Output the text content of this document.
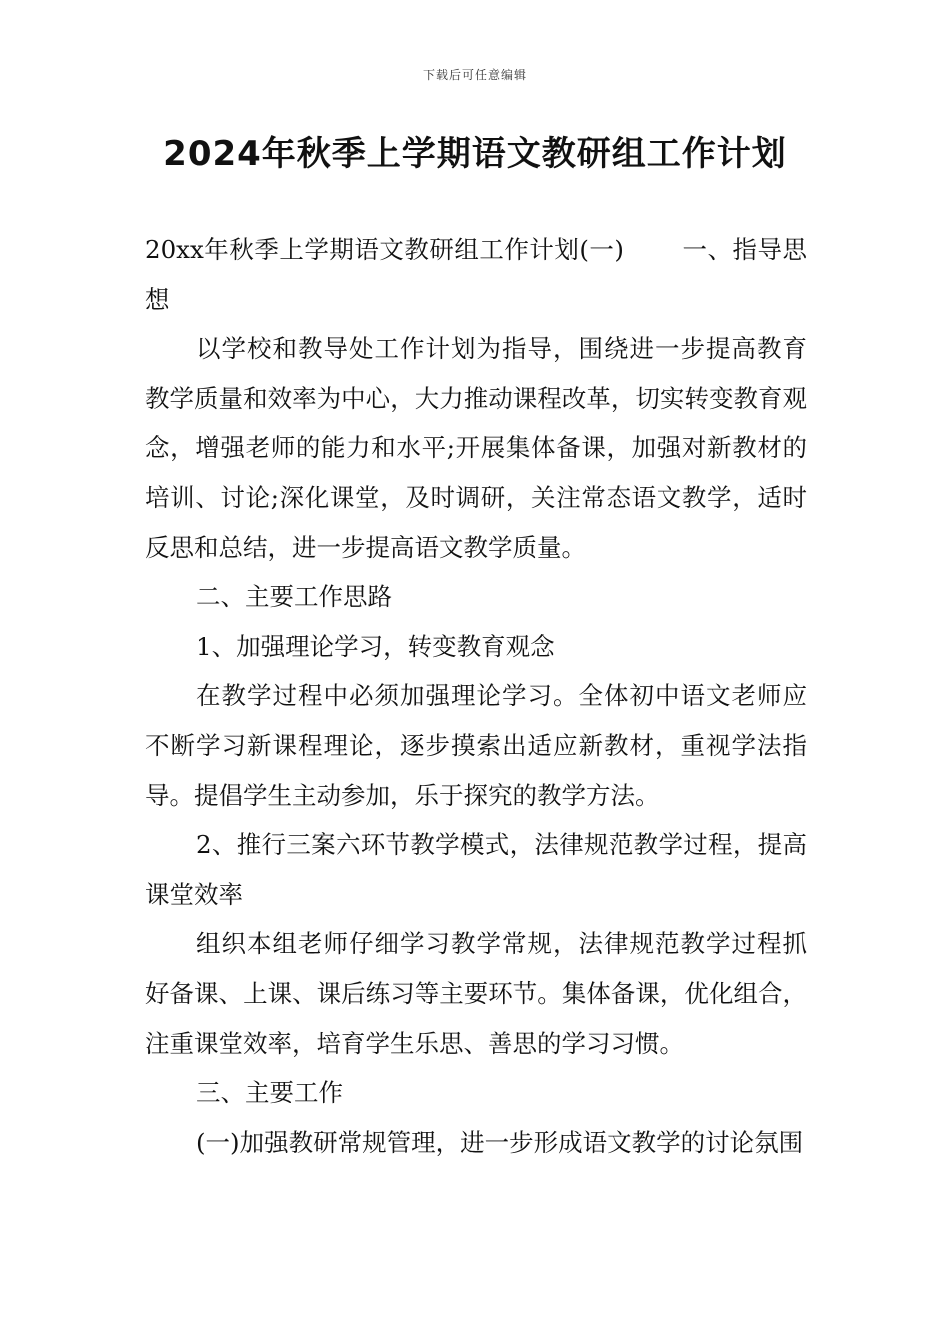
下载后可任意编辑
2024年秋季上学期语文教研组工作计划

20xx年秋季上学期语文教研组工作计划(一) 一、指导思想

以学校和教导处工作计划为指导，围绕进一步提高教育教学质量和效率为中心，大力推动课程改革，切实转变教育观念，增强老师的能力和水平;开展集体备课，加强对新教材的培训、讨论;深化课堂，及时调研，关注常态语文教学，适时反思和总结，进一步提高语文教学质量。

二、主要工作思路

1、加强理论学习，转变教育观念

在教学过程中必须加强理论学习。全体初中语文老师应不断学习新课程理论，逐步摸索出适应新教材，重视学法指导。提倡学生主动参加，乐于探究的教学方法。

2、推行三案六环节教学模式，法律规范教学过程，提高课堂效率

组织本组老师仔细学习教学常规，法律规范教学过程抓好备课、上课、课后练习等主要环节。集体备课，优化组合，注重课堂效率，培育学生乐思、善思的学习习惯。

三、主要工作

(一)加强教研常规管理，进一步形成语文教学的讨论氛围
